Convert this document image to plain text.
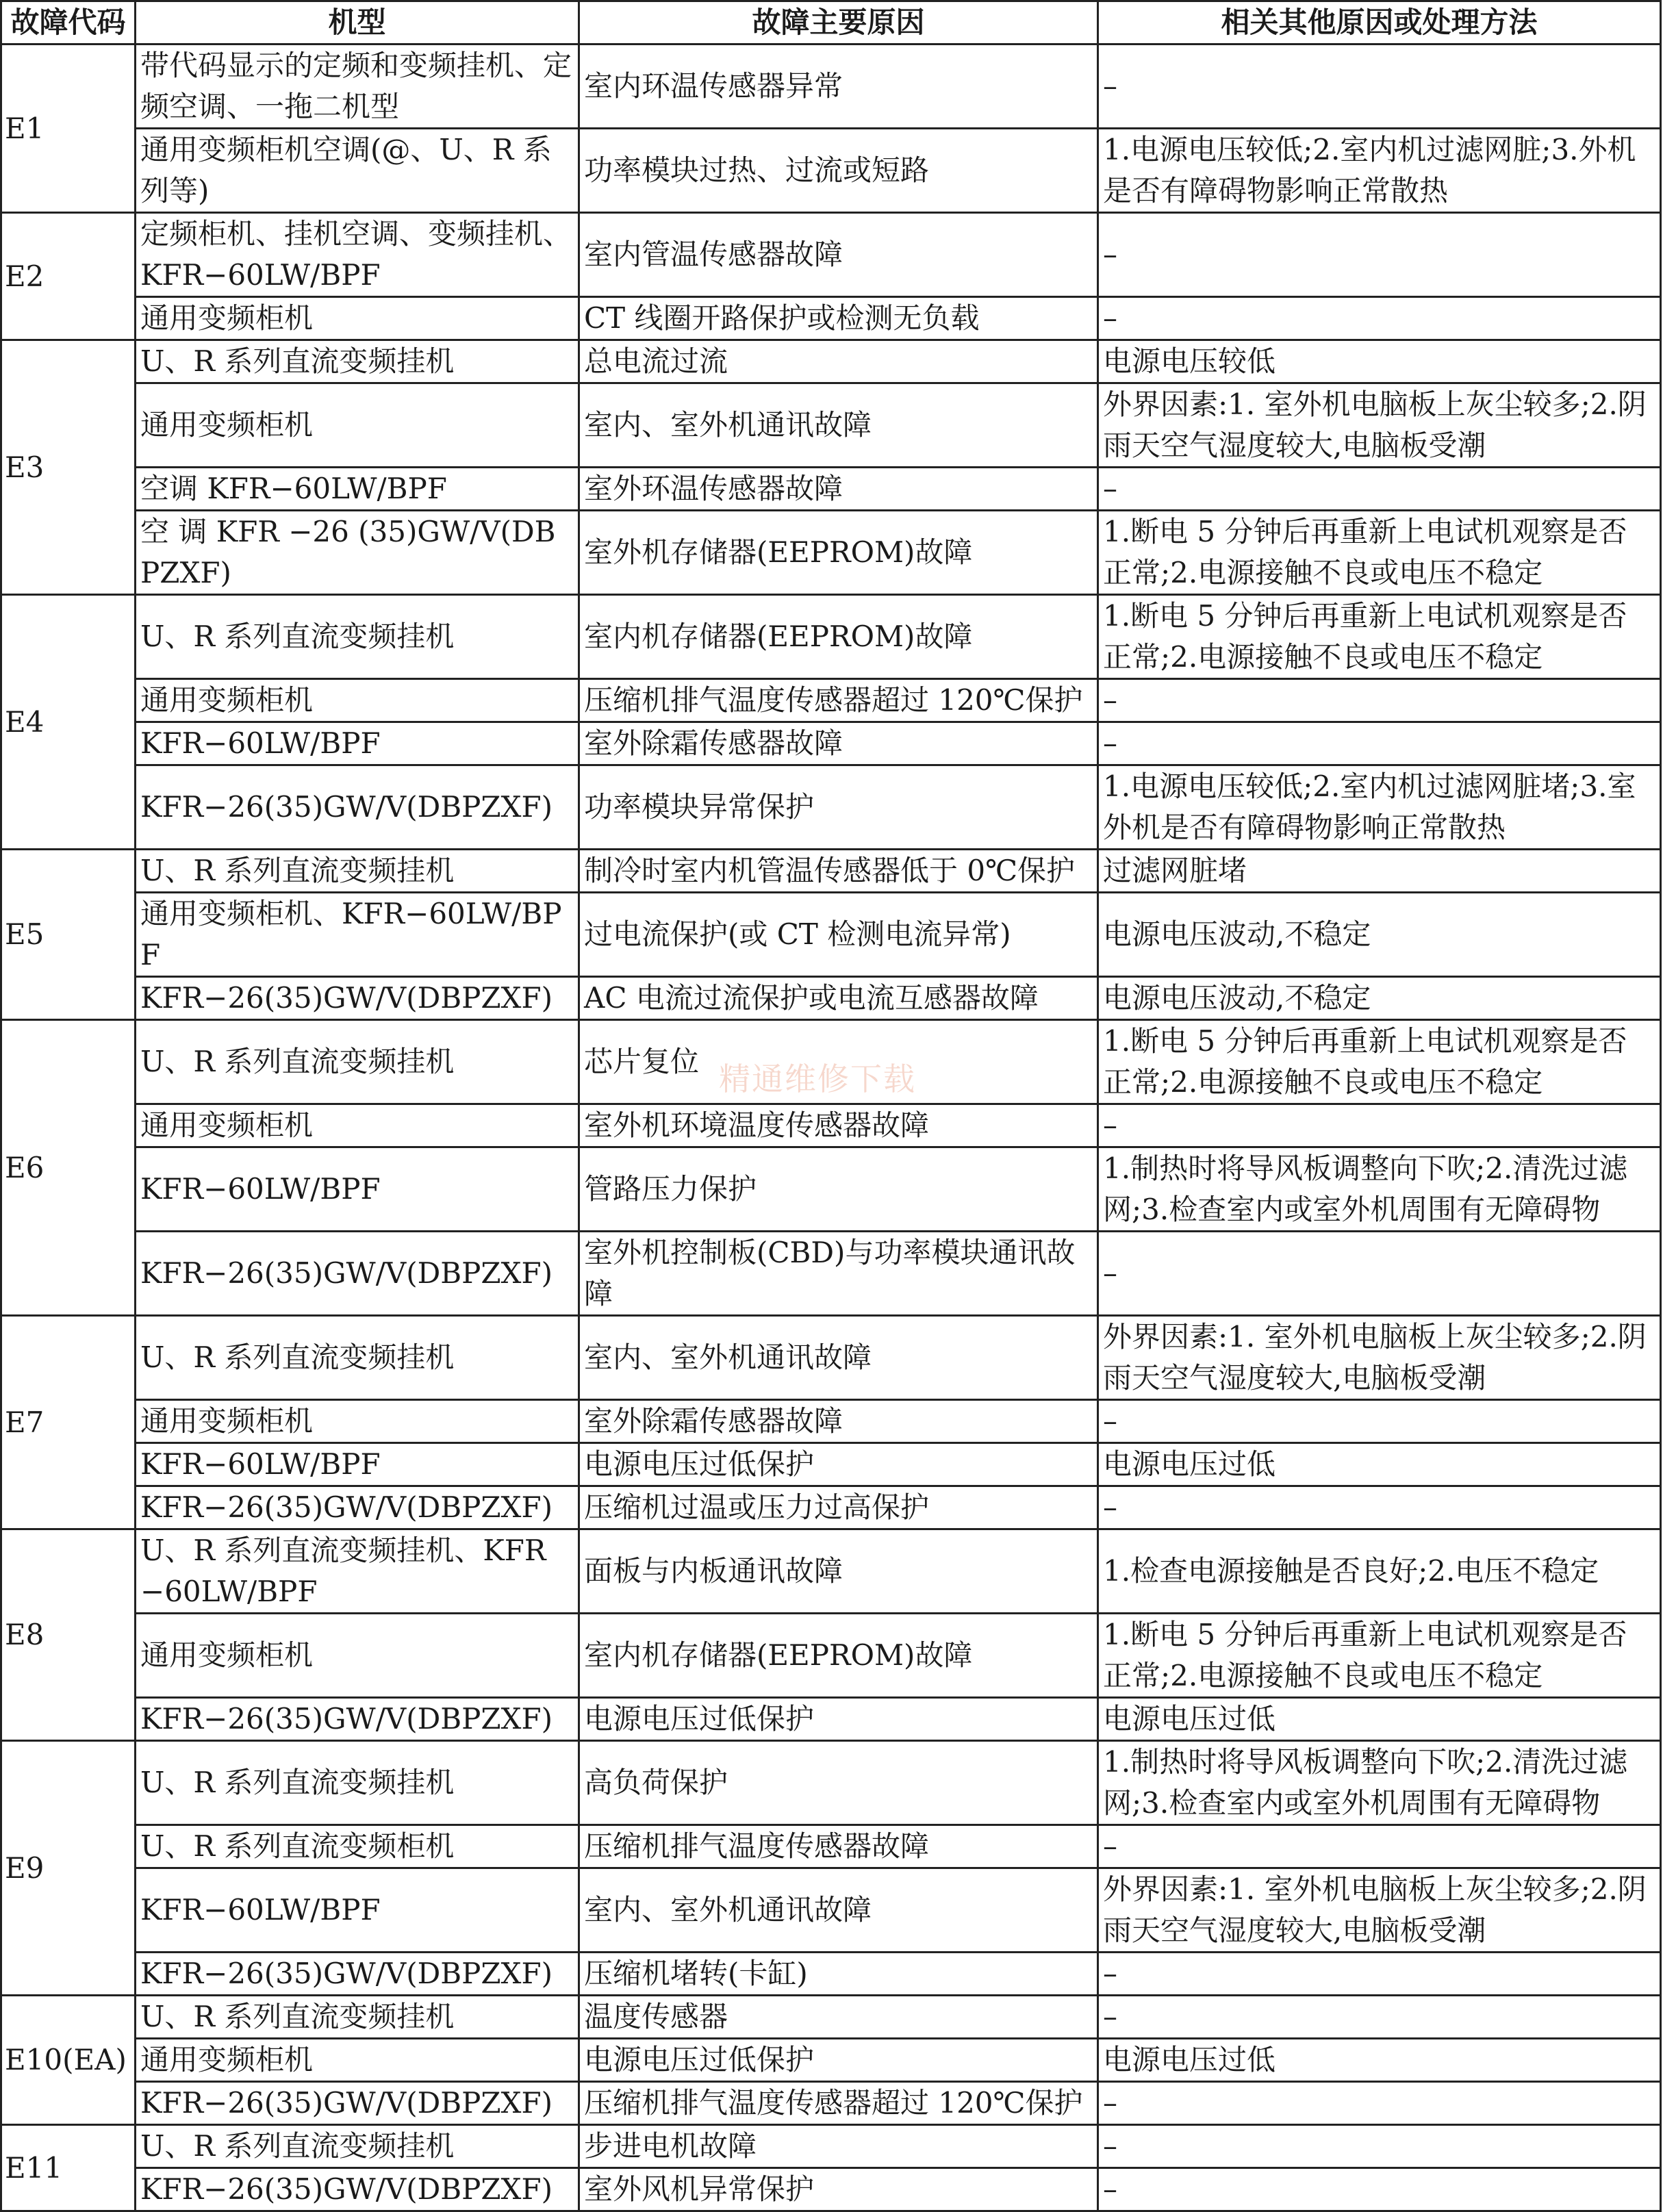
故障代码	机型	故障主要原因	相关其他原因或处理方法
E1	带代码显示的定频和变频挂机、定频空调、一拖二机型	室内环温传感器异常	–
	通用变频柜机空调(@、U、R 系列等)	功率模块过热、过流或短路	1.电源电压较低;2.室内机过滤网脏;3.外机是否有障碍物影响正常散热
E2	定频柜机、挂机空调、变频挂机、KFR−60LW/BPF	室内管温传感器故障	–
	通用变频柜机	CT 线圈开路保护或检测无负载	–
E3	U、R 系列直流变频挂机	总电流过流	电源电压较低
	通用变频柜机	室内、室外机通讯故障	外界因素:1. 室外机电脑板上灰尘较多;2.阴雨天空气湿度较大,电脑板受潮
	空调 KFR−60LW/BPF	室外环温传感器故障	–
	空 调 KFR −26 (35)GW/V(DBPZXF)	室外机存储器(EEPROM)故障	1.断电 5 分钟后再重新上电试机观察是否正常;2.电源接触不良或电压不稳定
E4	U、R 系列直流变频挂机	室内机存储器(EEPROM)故障	1.断电 5 分钟后再重新上电试机观察是否正常;2.电源接触不良或电压不稳定
	通用变频柜机	压缩机排气温度传感器超过 120℃保护	–
	KFR−60LW/BPF	室外除霜传感器故障	–
	KFR−26(35)GW/V(DBPZXF)	功率模块异常保护	1.电源电压较低;2.室内机过滤网脏堵;3.室外机是否有障碍物影响正常散热
E5	U、R 系列直流变频挂机	制冷时室内机管温传感器低于 0℃保护	过滤网脏堵
	通用变频柜机、KFR−60LW/BPF	过电流保护(或 CT 检测电流异常)	电源电压波动,不稳定
	KFR−26(35)GW/V(DBPZXF)	AC 电流过流保护或电流互感器故障	电源电压波动,不稳定
E6	U、R 系列直流变频挂机	芯片复位	1.断电 5 分钟后再重新上电试机观察是否正常;2.电源接触不良或电压不稳定
	通用变频柜机	室外机环境温度传感器故障	–
	KFR−60LW/BPF	管路压力保护	1.制热时将导风板调整向下吹;2.清洗过滤网;3.检查室内或室外机周围有无障碍物
	KFR−26(35)GW/V(DBPZXF)	室外机控制板(CBD)与功率模块通讯故障	–
E7	U、R 系列直流变频挂机	室内、室外机通讯故障	外界因素:1. 室外机电脑板上灰尘较多;2.阴雨天空气湿度较大,电脑板受潮
	通用变频柜机	室外除霜传感器故障	–
	KFR−60LW/BPF	电源电压过低保护	电源电压过低
	KFR−26(35)GW/V(DBPZXF)	压缩机过温或压力过高保护	–
E8	U、R 系列直流变频挂机、KFR−60LW/BPF	面板与内板通讯故障	1.检查电源接触是否良好;2.电压不稳定
	通用变频柜机	室内机存储器(EEPROM)故障	1.断电 5 分钟后再重新上电试机观察是否正常;2.电源接触不良或电压不稳定
	KFR−26(35)GW/V(DBPZXF)	电源电压过低保护	电源电压过低
E9	U、R 系列直流变频挂机	高负荷保护	1.制热时将导风板调整向下吹;2.清洗过滤网;3.检查室内或室外机周围有无障碍物
	U、R 系列直流变频柜机	压缩机排气温度传感器故障	–
	KFR−60LW/BPF	室内、室外机通讯故障	外界因素:1. 室外机电脑板上灰尘较多;2.阴雨天空气湿度较大,电脑板受潮
	KFR−26(35)GW/V(DBPZXF)	压缩机堵转(卡缸)	–
E10(EA)	U、R 系列直流变频挂机	温度传感器	–
	通用变频柜机	电源电压过低保护	电源电压过低
	KFR−26(35)GW/V(DBPZXF)	压缩机排气温度传感器超过 120℃保护	–
E11	U、R 系列直流变频挂机	步进电机故障	–
	KFR−26(35)GW/V(DBPZXF)	室外风机异常保护	–
精通维修下载
